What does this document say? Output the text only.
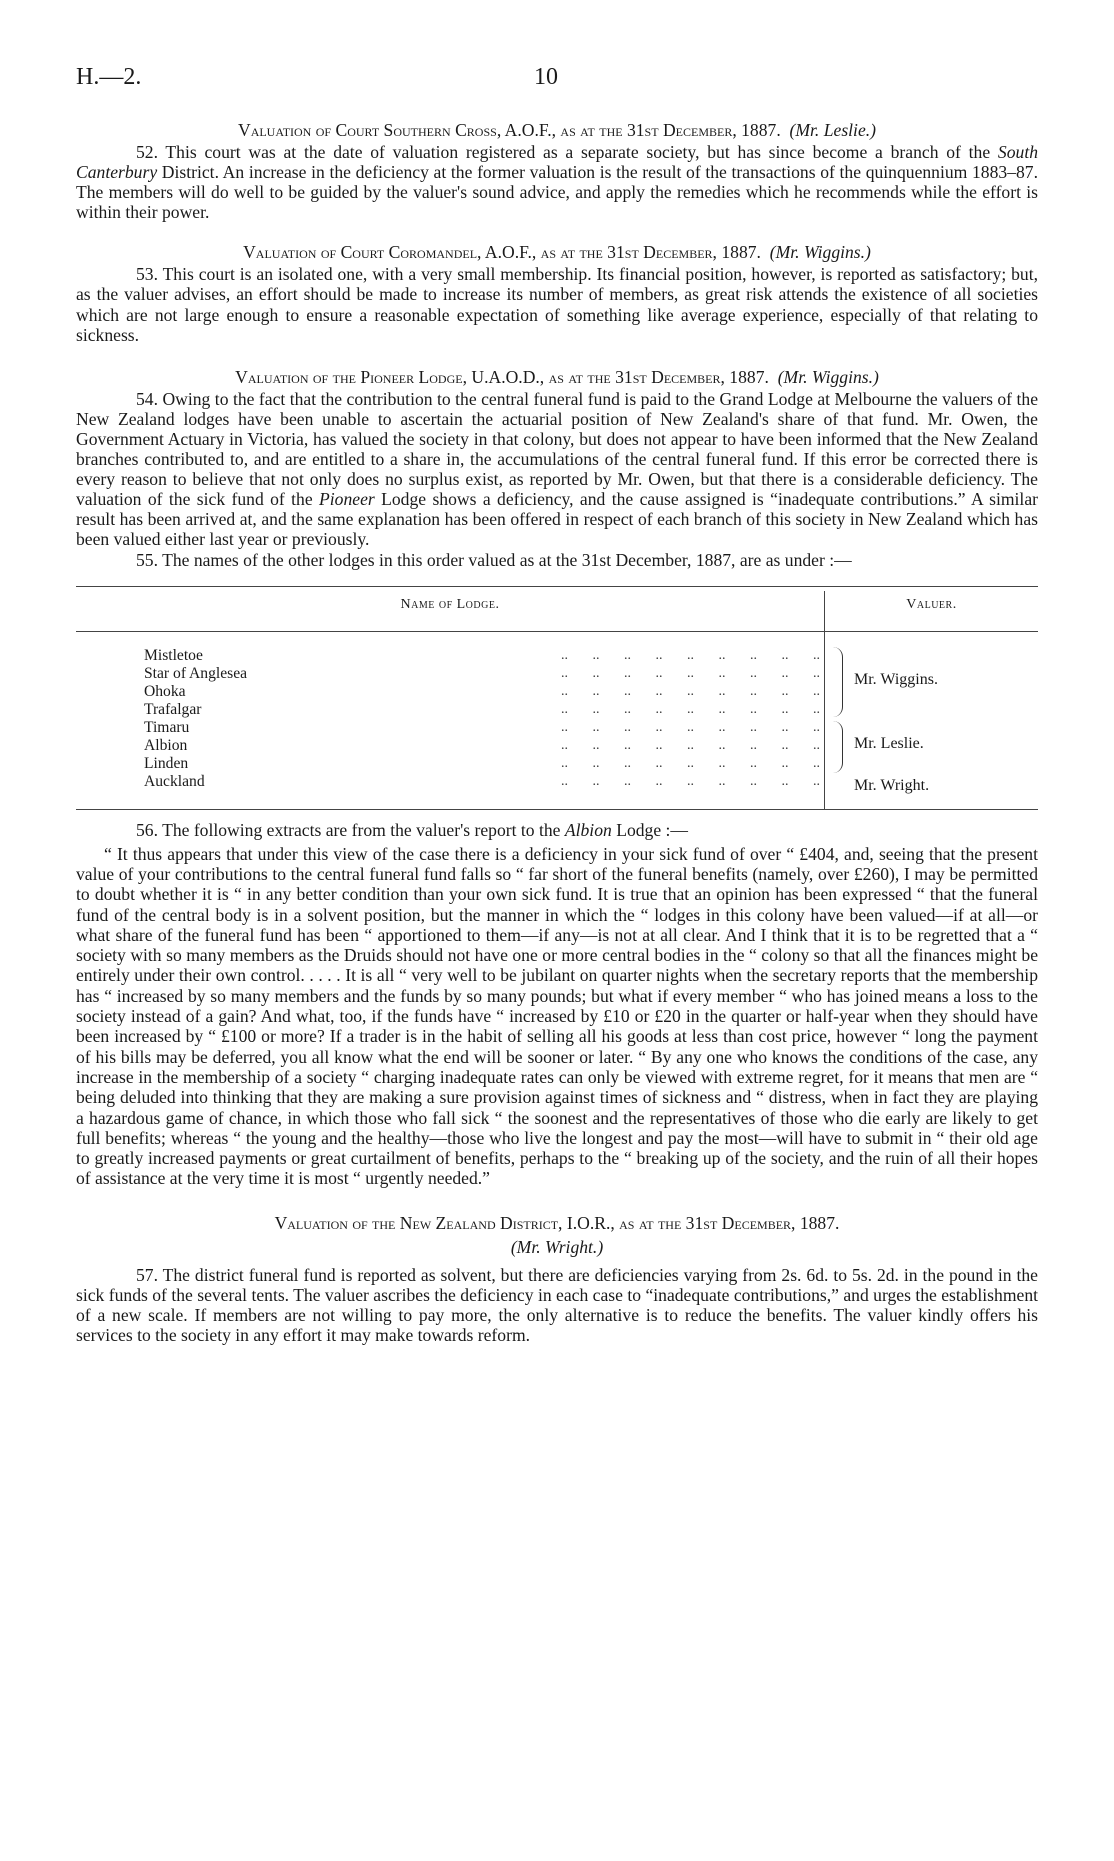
H.—2.	10

Valuation of Court Southern Cross, A.O.F., as at the 31st December, 1887. (Mr. Leslie.)

52. This court was at the date of valuation registered as a separate society, but has since become a branch of the South Canterbury District. An increase in the deficiency at the former valuation is the result of the transactions of the quinquennium 1883–87. The members will do well to be guided by the valuer's sound advice, and apply the remedies which he recommends while the effort is within their power.

Valuation of Court Coromandel, A.O.F., as at the 31st December, 1887. (Mr. Wiggins.)

53. This court is an isolated one, with a very small membership. Its financial position, however, is reported as satisfactory; but, as the valuer advises, an effort should be made to increase its number of members, as great risk attends the existence of all societies which are not large enough to ensure a reasonable expectation of something like average experience, especially of that relating to sickness.

Valuation of the Pioneer Lodge, U.A.O.D., as at the 31st December, 1887. (Mr. Wiggins.)

54. Owing to the fact that the contribution to the central funeral fund is paid to the Grand Lodge at Melbourne the valuers of the New Zealand lodges have been unable to ascertain the actuarial position of New Zealand's share of that fund. Mr. Owen, the Government Actuary in Victoria, has valued the society in that colony, but does not appear to have been informed that the New Zealand branches contributed to, and are entitled to a share in, the accumulations of the central funeral fund. If this error be corrected there is every reason to believe that not only does no surplus exist, as reported by Mr. Owen, but that there is a considerable deficiency. The valuation of the sick fund of the Pioneer Lodge shows a deficiency, and the cause assigned is “inadequate contributions.” A similar result has been arrived at, and the same explanation has been offered in respect of each branch of this society in New Zealand which has been valued either last year or previously.

55. The names of the other lodges in this order valued as at the 31st December, 1887, are as under :—

Name of Lodge.	Valuer.
..       ..       ..       ..       ..       ..       ..       ..       ..
Mistletoe
..       ..       ..       ..       ..       ..       ..       ..       ..
Star of Anglesea
..       ..       ..       ..       ..       ..       ..       ..       ..
Ohoka
..       ..       ..       ..       ..       ..       ..       ..       ..
Trafalgar
..       ..       ..       ..       ..       ..       ..       ..       ..
Timaru
..       ..       ..       ..       ..       ..       ..       ..       ..
Albion
..       ..       ..       ..       ..       ..       ..       ..       ..
Linden
..       ..       ..       ..       ..       ..       ..       ..       ..
Auckland
Mr. Wiggins.
Mr. Leslie.
Mr. Wright.

56. The following extracts are from the valuer's report to the Albion Lodge :—

“ It thus appears that under this view of the case there is a deficiency in your sick fund of over “ £404, and, seeing that the present value of your contributions to the central funeral fund falls so “ far short of the funeral benefits (namely, over £260), I may be permitted to doubt whether it is “ in any better condition than your own sick fund. It is true that an opinion has been expressed “ that the funeral fund of the central body is in a solvent position, but the manner in which the “ lodges in this colony have been valued—if at all—or what share of the funeral fund has been “ apportioned to them—if any—is not at all clear. And I think that it is to be regretted that a “ society with so many members as the Druids should not have one or more central bodies in the “ colony so that all the finances might be entirely under their own control. . . . . It is all “ very well to be jubilant on quarter nights when the secretary reports that the membership has “ increased by so many members and the funds by so many pounds; but what if every member “ who has joined means a loss to the society instead of a gain? And what, too, if the funds have “ increased by £10 or £20 in the quarter or half-year when they should have been increased by “ £100 or more? If a trader is in the habit of selling all his goods at less than cost price, however “ long the payment of his bills may be deferred, you all know what the end will be sooner or later. “ By any one who knows the conditions of the case, any increase in the membership of a society “ charging inadequate rates can only be viewed with extreme regret, for it means that men are “ being deluded into thinking that they are making a sure provision against times of sickness and “ distress, when in fact they are playing a hazardous game of chance, in which those who fall sick “ the soonest and the representatives of those who die early are likely to get full benefits; whereas “ the young and the healthy—those who live the longest and pay the most—will have to submit in “ their old age to greatly increased payments or great curtailment of benefits, perhaps to the “ breaking up of the society, and the ruin of all their hopes of assistance at the very time it is most “ urgently needed.”

Valuation of the New Zealand District, I.O.R., as at the 31st December, 1887.
(Mr. Wright.)

57. The district funeral fund is reported as solvent, but there are deficiencies varying from 2s. 6d. to 5s. 2d. in the pound in the sick funds of the several tents. The valuer ascribes the deficiency in each case to “inadequate contributions,” and urges the establishment of a new scale. If members are not willing to pay more, the only alternative is to reduce the benefits. The valuer kindly offers his services to the society in any effort it may make towards reform.
